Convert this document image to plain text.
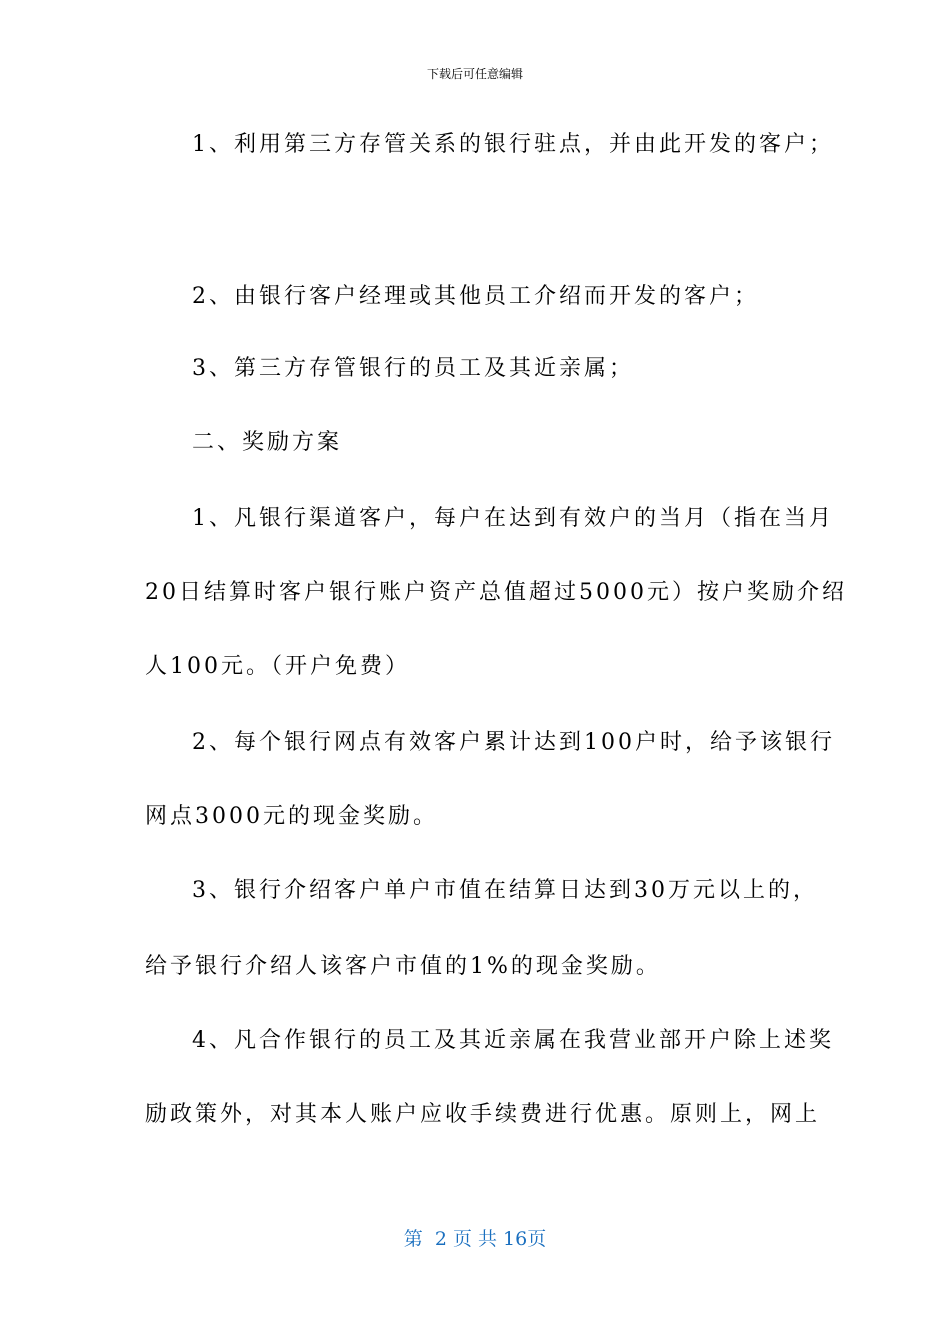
下载后可任意编辑
1、利用第三方存管关系的银行驻点，并由此开发的客户；
2、由银行客户经理或其他员工介绍而开发的客户；
3、第三方存管银行的员工及其近亲属；
二、奖励方案
1、凡银行渠道客户，每户在达到有效户的当月（指在当月
20日结算时客户银行账户资产总值超过5000元）按户奖励介绍
人100元。（开户免费）
2、每个银行网点有效客户累计达到100户时，给予该银行
网点3000元的现金奖励。
3、银行介绍客户单户市值在结算日达到30万元以上的，
给予银行介绍人该客户市值的1%的现金奖励。
4、凡合作银行的员工及其近亲属在我营业部开户除上述奖
励政策外，对其本人账户应收手续费进行优惠。原则上，网上
第  2 页 共 16页
